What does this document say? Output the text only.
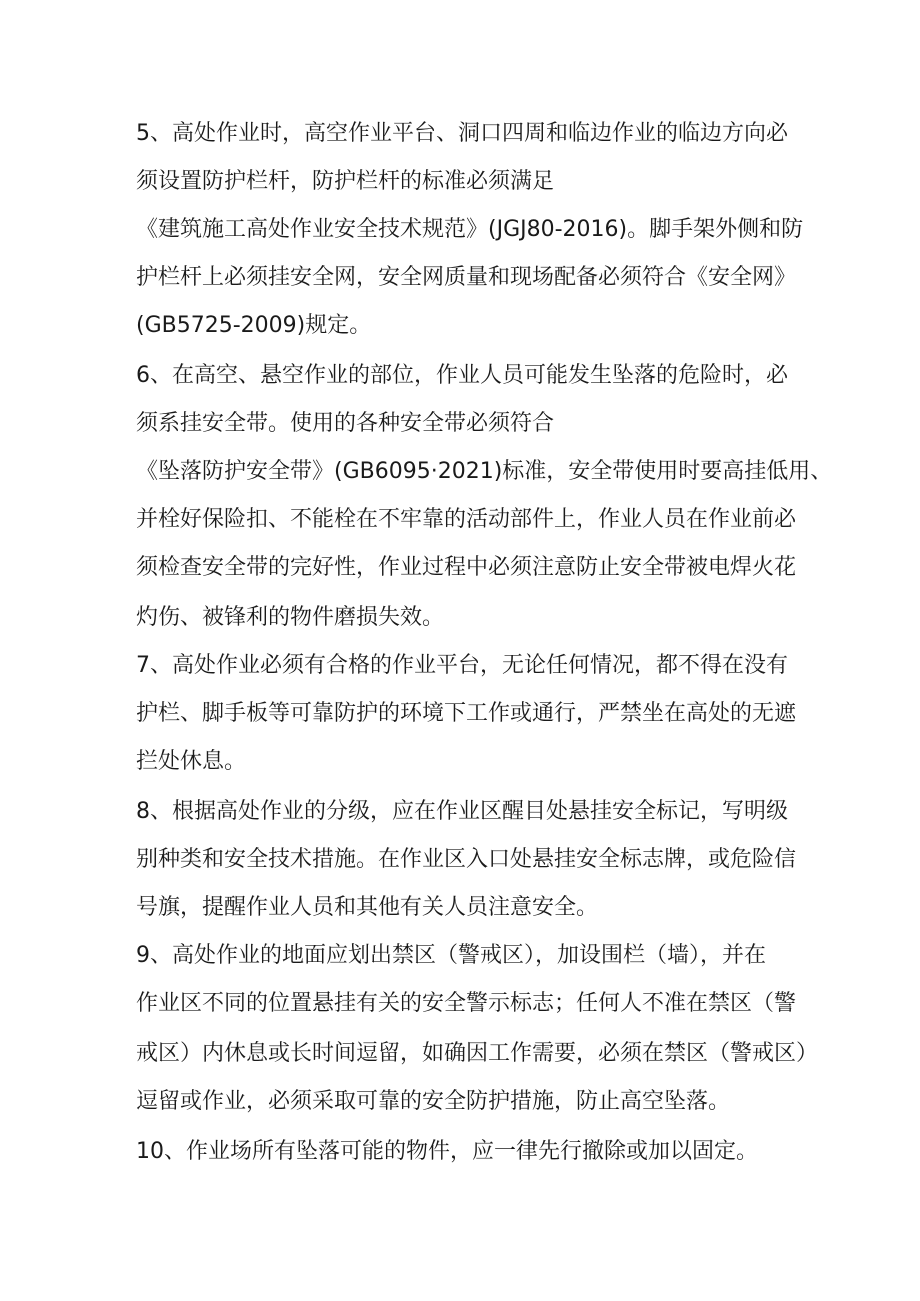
5、高处作业时，高空作业平台、洞口四周和临边作业的临边方向必
须设置防护栏杆，防护栏杆的标准必须满足
《建筑施工高处作业安全技术规范》(JGJ80-2016)。脚手架外侧和防
护栏杆上必须挂安全网，安全网质量和现场配备必须符合《安全网》
(GB5725-2009)规定。
6、在高空、悬空作业的部位，作业人员可能发生坠落的危险时，必
须系挂安全带。使用的各种安全带必须符合
《坠落防护安全带》(GB6095·2021)标准，安全带使用时要高挂低用、
并栓好保险扣、不能栓在不牢靠的活动部件上，作业人员在作业前必
须检查安全带的完好性，作业过程中必须注意防止安全带被电焊火花
灼伤、被锋利的物件磨损失效。
7、高处作业必须有合格的作业平台，无论任何情况，都不得在没有
护栏、脚手板等可靠防护的环境下工作或通行，严禁坐在高处的无遮
拦处休息。
8、根据高处作业的分级，应在作业区醒目处悬挂安全标记，写明级
别种类和安全技术措施。在作业区入口处悬挂安全标志牌，或危险信
号旗，提醒作业人员和其他有关人员注意安全。
9、高处作业的地面应划出禁区（警戒区），加设围栏（墙），并在
作业区不同的位置悬挂有关的安全警示标志；任何人不准在禁区（警
戒区）内休息或长时间逗留，如确因工作需要，必须在禁区（警戒区）
逗留或作业，必须采取可靠的安全防护措施，防止高空坠落。
10、作业场所有坠落可能的物件，应一律先行撤除或加以固定。
